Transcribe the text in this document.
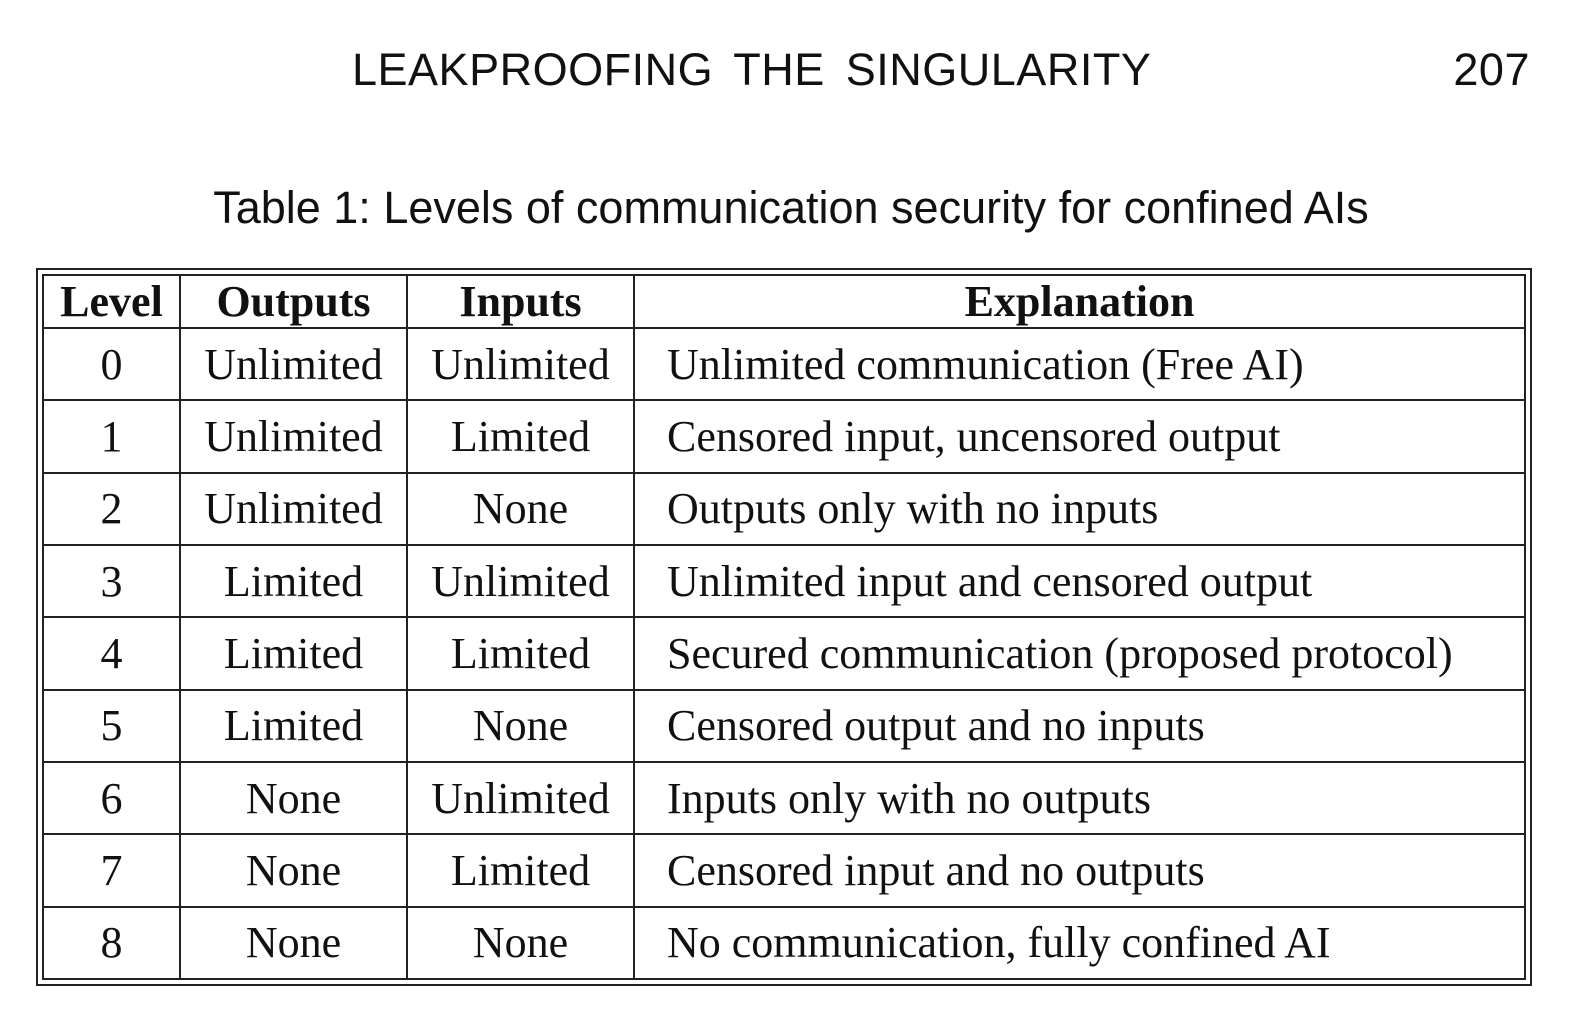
LEAKPROOFING THE SINGULARITY	207
Table 1: Levels of communication security for confined AIs
Level	Outputs	Inputs	Explanation
0	Unlimited	Unlimited	Unlimited communication (Free AI)
1	Unlimited	Limited	Censored input, uncensored output
2	Unlimited	None	Outputs only with no inputs
3	Limited	Unlimited	Unlimited input and censored output
4	Limited	Limited	Secured communication (proposed protocol)
5	Limited	None	Censored output and no inputs
6	None	Unlimited	Inputs only with no outputs
7	None	Limited	Censored input and no outputs
8	None	None	No communication, fully confined AI
